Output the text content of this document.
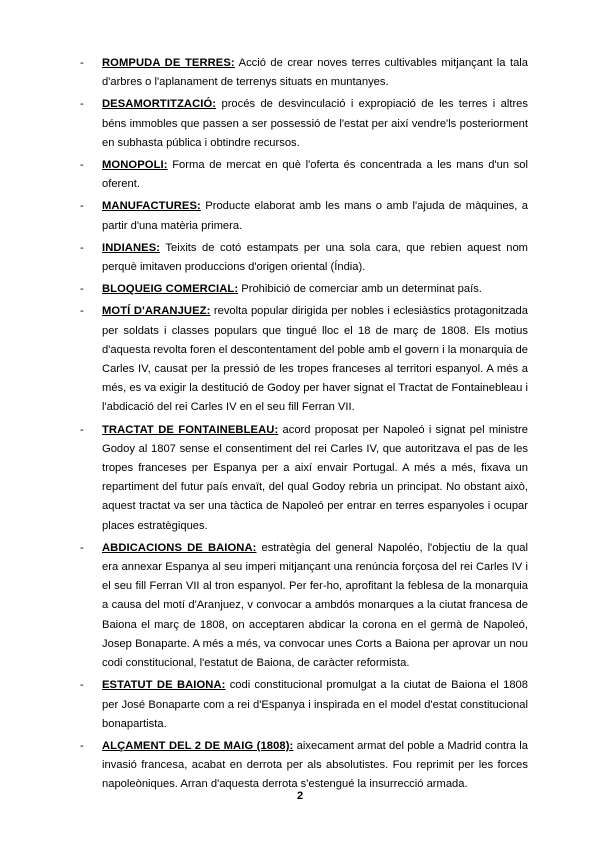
- ROMPUDA DE TERRES: Acció de crear noves terres cultivables mitjançant la tala d'arbres o l'aplanament de terrenys situats en muntanyes.
- DESAMORTITZACIÓ: procés de desvinculació i expropiació de les terres i altres béns immobles que passen a ser possessió de l'estat per així vendre'ls posteriorment en subhasta pública i obtindre recursos.
- MONOPOLI: Forma de mercat en què l'oferta és concentrada a les mans d'un sol oferent.
- MANUFACTURES: Producte elaborat amb les mans o amb l'ajuda de màquines, a partir d'una matèria primera.
- INDIANES: Teixits de cotó estampats per una sola cara, que rebien aquest nom perquè imitaven produccions d'origen oriental (Índia).
- BLOQUEIG COMERCIAL: Prohibició de comerciar amb un determinat país.
- MOTÍ D'ARANJUEZ: revolta popular dirigida per nobles i eclesiàstics protagonitzada per soldats i classes populars que tingué lloc el 18 de març de 1808. Els motius d'aquesta revolta foren el descontentament del poble amb el govern i la monarquia de Carles IV, causat per la pressió de les tropes franceses al territori espanyol. A més a més, es va exigir la destitució de Godoy per haver signat el Tractat de Fontainebleau i l'abdicació del rei Carles IV en el seu fill Ferran VII.
- TRACTAT DE FONTAINEBLEAU: acord proposat per Napoleó i signat pel ministre Godoy al 1807 sense el consentiment del rei Carles IV, que autoritzava el pas de les tropes franceses per Espanya per a així envair Portugal. A més a més, fixava un repartiment del futur país envaït, del qual Godoy rebria un principat. No obstant això, aquest tractat va ser una tàctica de Napoleó per entrar en terres espanyoles i ocupar places estratègiques.
- ABDICACIONS DE BAIONA: estratègia del general Napoléo, l'objectiu de la qual era annexar Espanya al seu imperi mitjançant una renúncia forçosa del rei Carles IV i el seu fill Ferran VII al tron espanyol. Per fer-ho, aprofitant la feblesa de la monarquia a causa del motí d'Aranjuez, v convocar a ambdós monarques a la ciutat francesa de Baiona el març de 1808, on acceptaren abdicar la corona en el germà de Napoleó, Josep Bonaparte. A més a més, va convocar unes Corts a Baiona per aprovar un nou codi constitucional, l'estatut de Baiona, de caràcter reformista.
- ESTATUT DE BAIONA: codi constitucional promulgat a la ciutat de Baiona el 1808 per José Bonaparte com a rei d'Espanya i inspirada en el model d'estat constitucional bonapartista.
- ALÇAMENT DEL 2 DE MAIG (1808): aixecament armat del poble a Madrid contra la invasió francesa, acabat en derrota per als absolutistes. Fou reprimit per les forces napoleòniques. Arran d'aquesta derrota s'estengué la insurrecció armada.
2
